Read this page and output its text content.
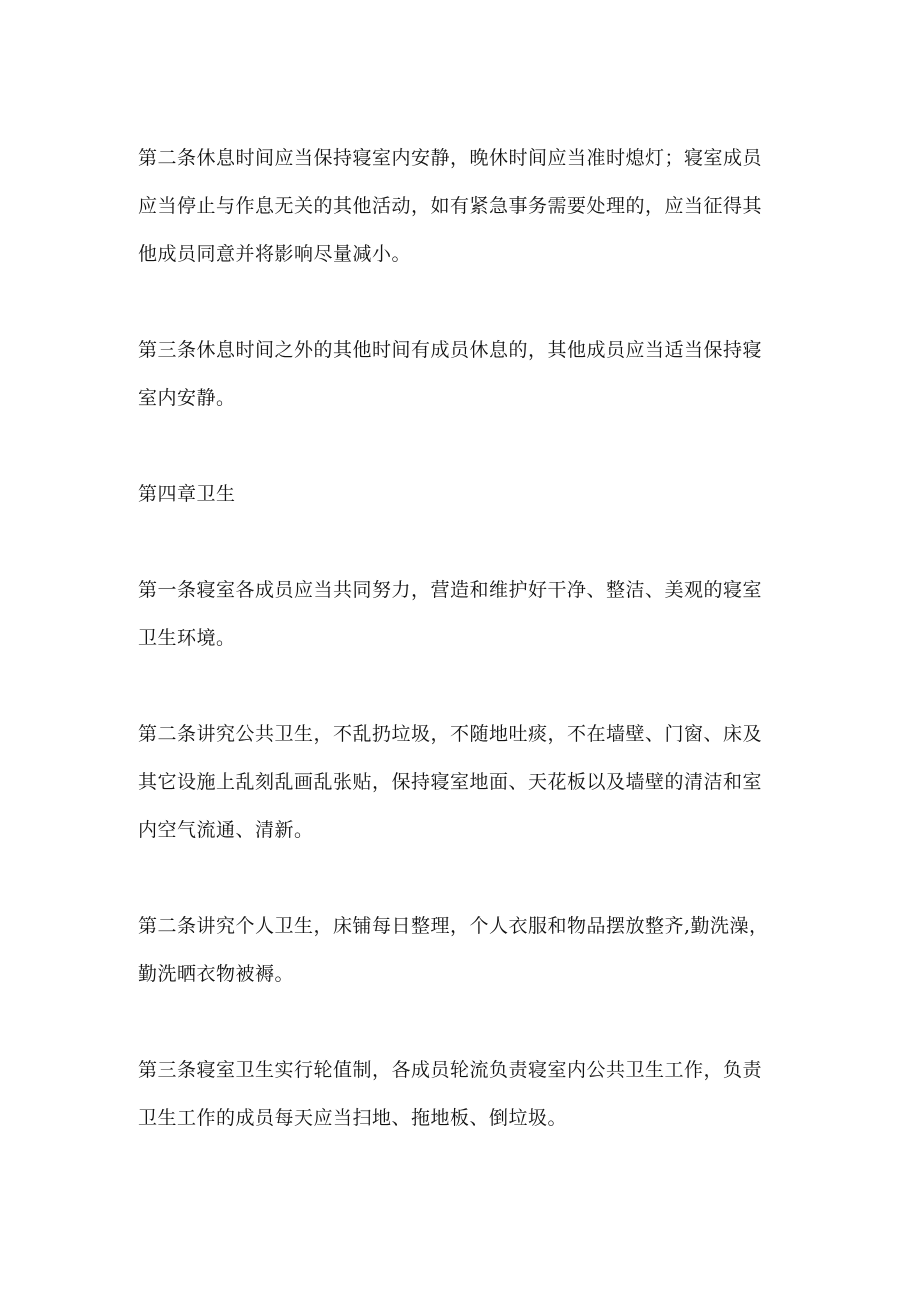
第二条休息时间应当保持寝室内安静，晚休时间应当准时熄灯；寝室成员
应当停止与作息无关的其他活动，如有紧急事务需要处理的，应当征得其
他成员同意并将影响尽量减小。

第三条休息时间之外的其他时间有成员休息的，其他成员应当适当保持寝
室内安静。

第四章卫生

第一条寝室各成员应当共同努力，营造和维护好干净、整洁、美观的寝室
卫生环境。

第二条讲究公共卫生，不乱扔垃圾，不随地吐痰，不在墙壁、门窗、床及
其它设施上乱刻乱画乱张贴，保持寝室地面、天花板以及墙壁的清洁和室
内空气流通、清新。

第二条讲究个人卫生，床铺每日整理，个人衣服和物品摆放整齐,勤洗澡，
勤洗晒衣物被褥。

第三条寝室卫生实行轮值制，各成员轮流负责寝室内公共卫生工作，负责
卫生工作的成员每天应当扫地、拖地板、倒垃圾。
